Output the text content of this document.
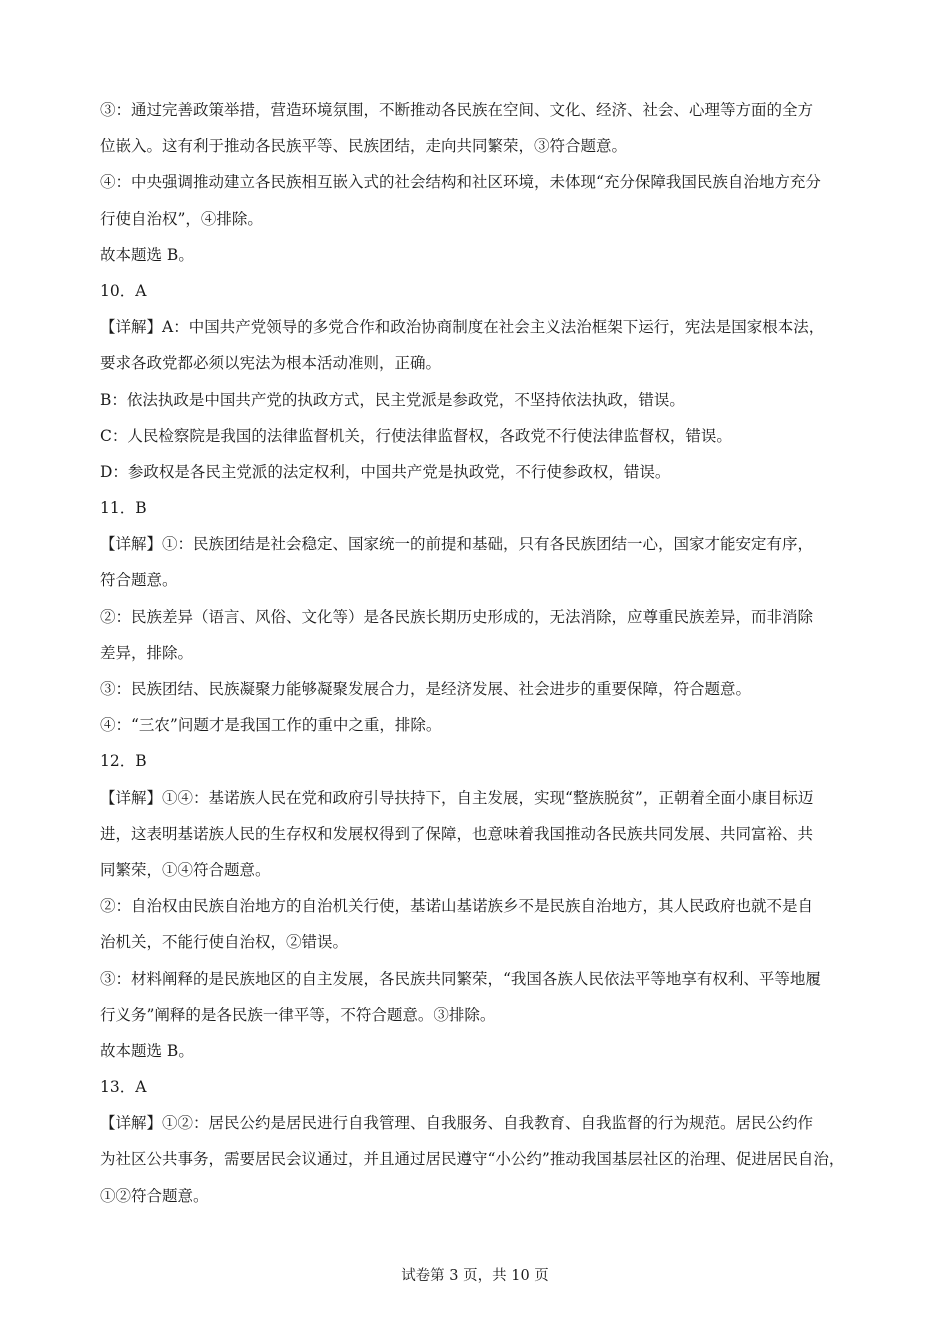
③：通过完善政策举措，营造环境氛围，不断推动各民族在空间、文化、经济、社会、心理等方面的全方
位嵌入。这有利于推动各民族平等、民族团结，走向共同繁荣，③符合题意。
④：中央强调推动建立各民族相互嵌入式的社会结构和社区环境，未体现“充分保障我国民族自治地方充分
行使自治权”，④排除。
故本题选 B。
10．A
【详解】A：中国共产党领导的多党合作和政治协商制度在社会主义法治框架下运行，宪法是国家根本法，
要求各政党都必须以宪法为根本活动准则，正确。
B：依法执政是中国共产党的执政方式，民主党派是参政党，不坚持依法执政，错误。
C：人民检察院是我国的法律监督机关，行使法律监督权，各政党不行使法律监督权，错误。
D：参政权是各民主党派的法定权利，中国共产党是执政党，不行使参政权，错误。
11．B
【详解】①：民族团结是社会稳定、国家统一的前提和基础，只有各民族团结一心，国家才能安定有序，
符合题意。
②：民族差异（语言、风俗、文化等）是各民族长期历史形成的，无法消除，应尊重民族差异，而非消除
差异，排除。
③：民族团结、民族凝聚力能够凝聚发展合力，是经济发展、社会进步的重要保障，符合题意。
④：“三农”问题才是我国工作的重中之重，排除。
12．B
【详解】①④：基诺族人民在党和政府引导扶持下，自主发展，实现“整族脱贫”，正朝着全面小康目标迈
进，这表明基诺族人民的生存权和发展权得到了保障，也意味着我国推动各民族共同发展、共同富裕、共
同繁荣，①④符合题意。
②：自治权由民族自治地方的自治机关行使，基诺山基诺族乡不是民族自治地方，其人民政府也就不是自
治机关，不能行使自治权，②错误。
③：材料阐释的是民族地区的自主发展，各民族共同繁荣，“我国各族人民依法平等地享有权利、平等地履
行义务”阐释的是各民族一律平等，不符合题意。③排除。
故本题选 B。
13．A
【详解】①②：居民公约是居民进行自我管理、自我服务、自我教育、自我监督的行为规范。居民公约作
为社区公共事务，需要居民会议通过，并且通过居民遵守“小公约”推动我国基层社区的治理、促进居民自治，
①②符合题意。
试卷第 3 页，共 10 页
